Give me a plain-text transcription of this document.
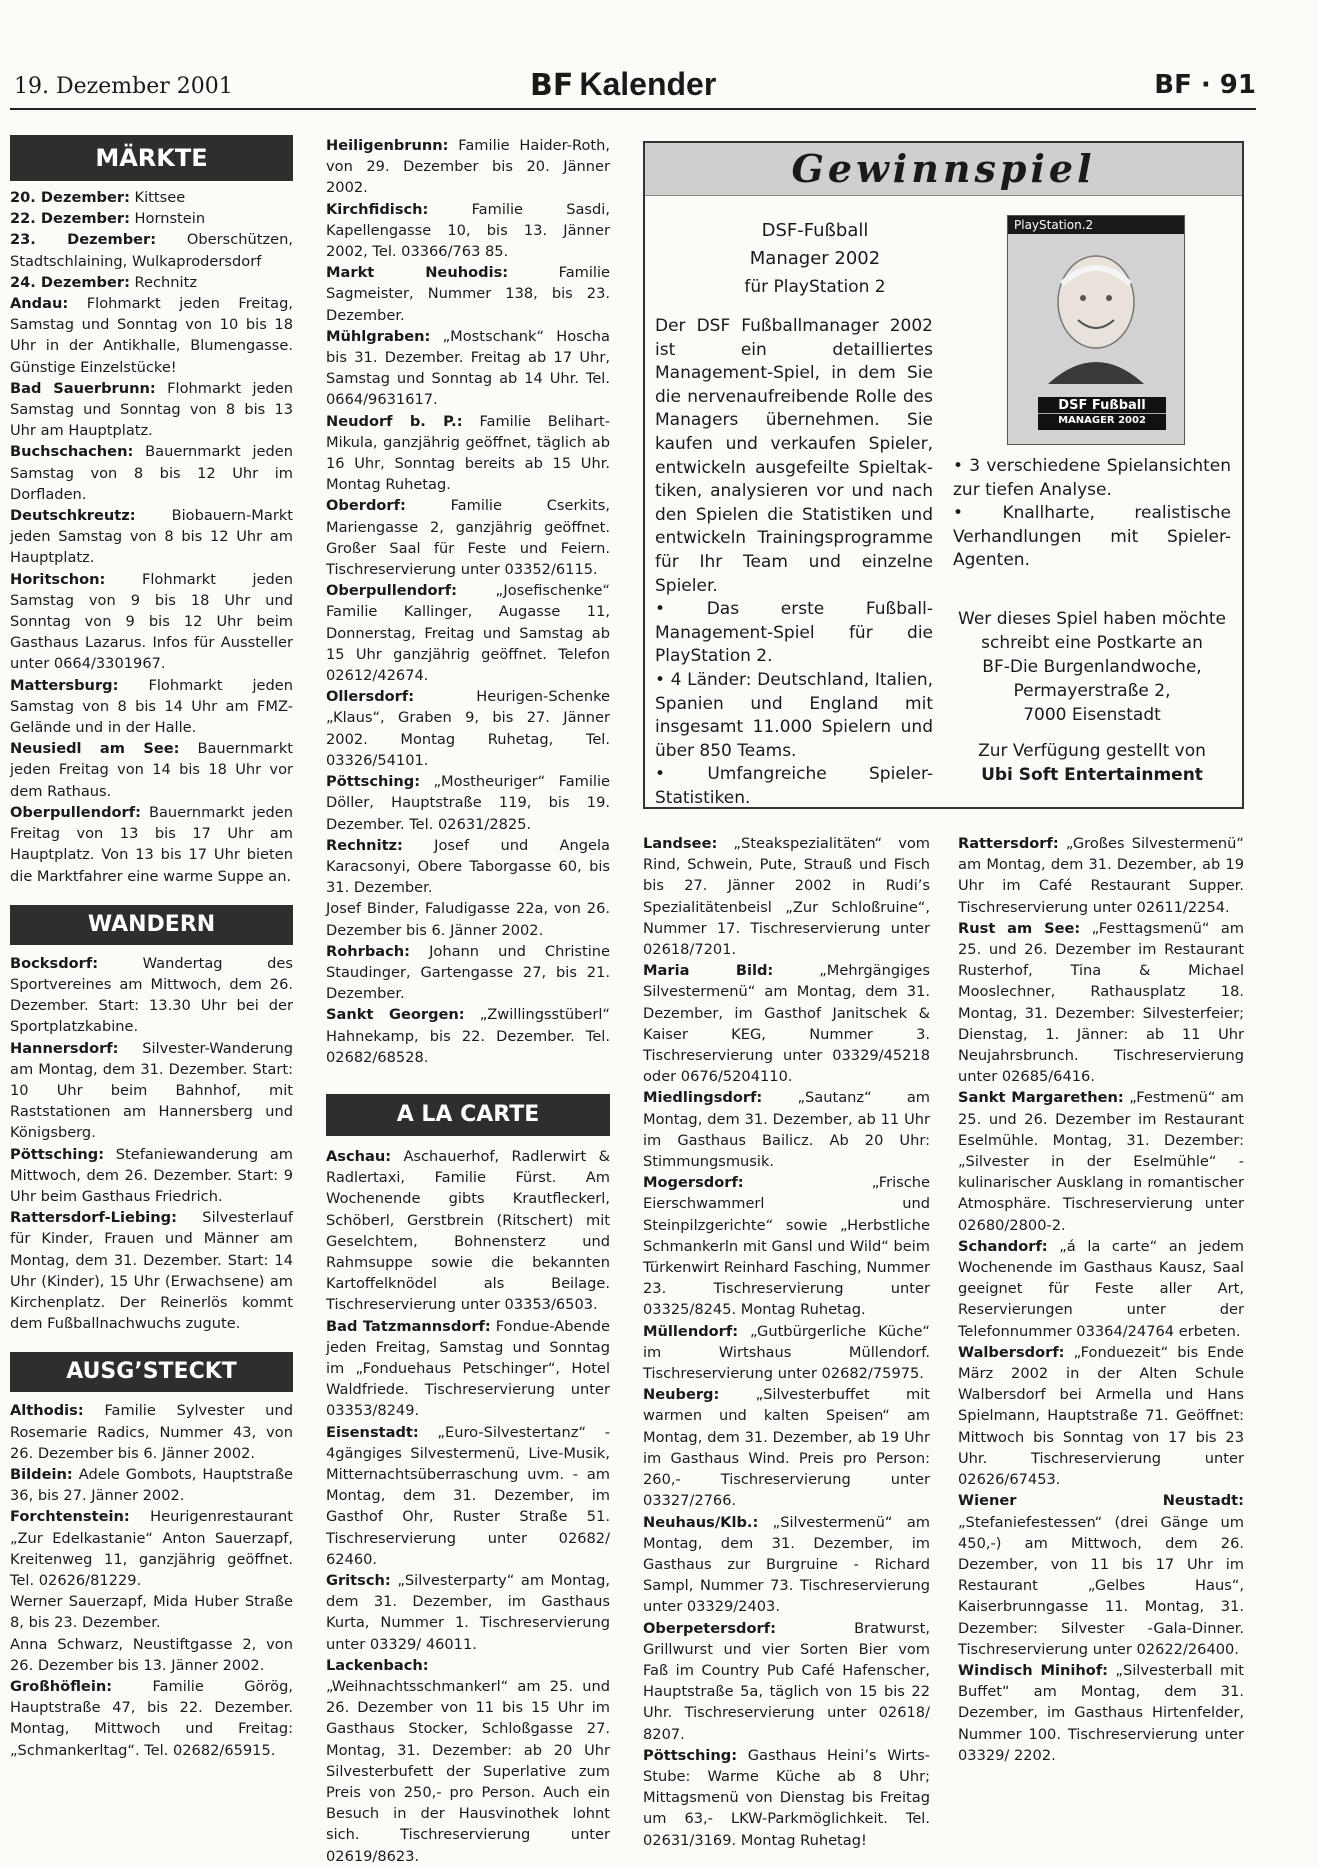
19. Dezember 2001	BF Kalender	BF · 91
MÄRKTE

20. Dezember: Kittsee

22. Dezember: Hornstein

23. Dezember: Oberschützen, Stadtschlaining, Wulkaprodersdorf

24. Dezember: Rechnitz

Andau: Flohmarkt jeden Freitag, Samstag und Sonntag von 10 bis 18 Uhr in der Antikhalle, Blumengasse. Günstige Einzelstücke!

Bad Sauerbrunn: Flohmarkt jeden Samstag und Sonntag von 8 bis 13 Uhr am Hauptplatz.

Buchschachen: Bauernmarkt jeden Samstag von 8 bis 12 Uhr im Dorfladen.

Deutschkreutz: Biobauern-Markt jeden Samstag von 8 bis 12 Uhr am Hauptplatz.

Horitschon: Flohmarkt jeden Samstag von 9 bis 18 Uhr und Sonntag von 9 bis 12 Uhr beim Gasthaus Lazarus. Infos für Aussteller unter 0664/3301967.

Mattersburg: Flohmarkt jeden Samstag von 8 bis 14 Uhr am FMZ-Gelände und in der Halle.

Neusiedl am See: Bauernmarkt jeden Freitag von 14 bis 18 Uhr vor dem Rathaus.

Oberpullendorf: Bauernmarkt jeden Freitag von 13 bis 17 Uhr am Hauptplatz. Von 13 bis 17 Uhr bieten die Marktfahrer eine warme Suppe an.

WANDERN

Bocksdorf: Wandertag des Sportvereines am Mittwoch, dem 26. Dezember. Start: 13.30 Uhr bei der Sportplatzkabine.

Hannersdorf: Silvester-Wanderung am Montag, dem 31. Dezember. Start: 10 Uhr beim Bahnhof, mit Raststationen am Hannersberg und Königsberg.

Pöttsching: Stefaniewanderung am Mittwoch, dem 26. Dezember. Start: 9 Uhr beim Gasthaus Friedrich.

Rattersdorf-Liebing: Silvesterlauf für Kinder, Frauen und Männer am Montag, dem 31. Dezember. Start: 14 Uhr (Kinder), 15 Uhr (Erwachsene) am Kirchenplatz. Der Reinerlös kommt dem Fußballnachwuchs zugute.

AUSG’STECKT

Althodis: Familie Sylvester und Rosemarie Radics, Nummer 43, von 26. Dezember bis 6. Jänner 2002.

Bildein: Adele Gombots, Hauptstraße 36, bis 27. Jänner 2002.

Forchtenstein: Heurigenrestaurant „Zur Edelkastanie“ Anton Sauerzapf, Kreitenweg 11, ganzjährig geöffnet. Tel. 02626/81229.

Werner Sauerzapf, Mida Huber Straße 8, bis 23. Dezember.

Anna Schwarz, Neustiftgasse 2, von 26. Dezember bis 13. Jänner 2002.

Großhöflein: Familie Görög, Hauptstraße 47, bis 22. Dezember. Montag, Mittwoch und Freitag: „Schmankerltag“. Tel. 02682/65915.

Heiligenbrunn: Familie Haider-Roth, von 29. Dezember bis 20. Jänner 2002.

Kirchfidisch: Familie Sasdi, Kapellengasse 10, bis 13. Jänner 2002, Tel. 03366/763 85.

Markt Neuhodis: Familie Sagmeister, Nummer 138, bis 23. Dezember.

Mühlgraben: „Mostschank“ Hoscha bis 31. Dezember. Freitag ab 17 Uhr, Samstag und Sonntag ab 14 Uhr. Tel. 0664/9631617.

Neudorf b. P.: Familie Belihart-Mikula, ganzjährig geöffnet, täglich ab 16 Uhr, Sonntag bereits ab 15 Uhr. Montag Ruhetag.

Oberdorf: Familie Cserkits, Mariengasse 2, ganzjährig geöffnet. Großer Saal für Feste und Feiern. Tischreservierung unter 03352/6115.

Oberpullendorf: „Josefischenke“ Familie Kallinger, Augasse 11, Donnerstag, Freitag und Samstag ab 15 Uhr ganzjährig geöffnet. Telefon 02612/42674.

Ollersdorf: Heurigen-Schenke „Klaus“, Graben 9, bis 27. Jänner 2002. Montag Ruhetag, Tel. 03326/54101.

Pöttsching: „Mostheuriger“ Familie Döller, Hauptstraße 119, bis 19. Dezember. Tel. 02631/2825.

Rechnitz: Josef und Angela Karacsonyi, Obere Taborgasse 60, bis 31. Dezember.

Josef Binder, Faludigasse 22a, von 26. Dezember bis 6. Jänner 2002.

Rohrbach: Johann und Christine Staudinger, Gartengasse 27, bis 21. Dezember.

Sankt Georgen: „Zwillingsstüberl“ Hahnekamp, bis 22. Dezember. Tel. 02682/68528.

A LA CARTE

Aschau: Aschauerhof, Radlerwirt & Radlertaxi, Familie Fürst. Am Wochenende gibts Krautfleckerl, Schöberl, Gerstbrein (Ritschert) mit Geselchtem, Bohnensterz und Rahmsuppe sowie die bekannten Kartoffelknödel als Beilage. Tischreservierung unter 03353/6503.

Bad Tatzmannsdorf: Fondue-Abende jeden Freitag, Samstag und Sonntag im „Fonduehaus Petschinger“, Hotel Waldfriede. Tischreservierung unter 03353/8249.

Eisenstadt: „Euro-Silvestertanz“ - 4gängiges Silvestermenü, Live-Musik, Mitternachtsüberraschung uvm. - am Montag, dem 31. Dezember, im Gasthof Ohr, Ruster Straße 51. Tischreservierung unter 02682/ 62460.

Gritsch: „Silvesterparty“ am Montag, dem 31. Dezember, im Gasthaus Kurta, Nummer 1. Tischreservierung unter 03329/ 46011.

Lackenbach: „Weihnachtsschmankerl“ am 25. und 26. Dezember von 11 bis 15 Uhr im Gasthaus Stocker, Schloßgasse 27. Montag, 31. Dezember: ab 20 Uhr Silvesterbufett der Superlative zum Preis von 250,- pro Person. Auch ein Besuch in der Hausvinothek lohnt sich. Tischreservierung unter 02619/8623.

Gewinnspiel
DSF-Fußball
Manager 2002
für PlayStation 2
PlayStation.2
DSF Fußball
MANAGER 2002

Der DSF Fußballmanager 2002 ist ein detailliertes Management-Spiel, in dem Sie die nervenaufreibende Rolle des Managers übernehmen. Sie kaufen und verkaufen Spieler, entwickeln ausgefeilte Spieltak-tiken, analysieren vor und nach den Spielen die Statistiken und entwickeln Trainingsprogramme für Ihr Team und einzelne Spieler.

• Das erste Fußball-Management-Spiel für die PlayStation 2.

• 4 Länder: Deutschland, Italien, Spanien und England mit insgesamt 11.000 Spielern und über 850 Teams.

• Umfangreiche Spieler-Statistiken.

• 3 verschiedene Spielansichten zur tiefen Analyse.

• Knallharte, realistische Verhandlungen mit Spieler-Agenten.

Wer dieses Spiel haben möchte

schreibt eine Postkarte an

BF-Die Burgenlandwoche,

Permayerstraße 2,

7000 Eisenstadt

Zur Verfügung gestellt von

Ubi Soft Entertainment

Landsee: „Steakspezialitäten“ vom Rind, Schwein, Pute, Strauß und Fisch bis 27. Jänner 2002 in Rudi’s Spezialitätenbeisl „Zur Schloßruine“, Nummer 17. Tischreservierung unter 02618/7201.

Maria Bild: „Mehrgängiges Silvestermenü“ am Montag, dem 31. Dezember, im Gasthof Janitschek & Kaiser KEG, Nummer 3. Tischreservierung unter 03329/45218 oder 0676/5204110.

Miedlingsdorf: „Sautanz“ am Montag, dem 31. Dezember, ab 11 Uhr im Gasthaus Bailicz. Ab 20 Uhr: Stimmungsmusik.

Mogersdorf: „Frische Eierschwammerl und Steinpilzgerichte“ sowie „Herbstliche Schmankerln mit Gansl und Wild“ beim Türkenwirt Reinhard Fasching, Nummer 23. Tischreservierung unter 03325/8245. Montag Ruhetag.

Müllendorf: „Gutbürgerliche Küche“ im Wirtshaus Müllendorf. Tischreservierung unter 02682/75975.

Neuberg: „Silvesterbuffet mit warmen und kalten Speisen“ am Montag, dem 31. Dezember, ab 19 Uhr im Gasthaus Wind. Preis pro Person: 260,- Tischreservierung unter 03327/2766.

Neuhaus/Klb.: „Silvestermenü“ am Montag, dem 31. Dezember, im Gasthaus zur Burgruine - Richard Sampl, Nummer 73. Tischreservierung unter 03329/2403.

Oberpetersdorf: Bratwurst, Grillwurst und vier Sorten Bier vom Faß im Country Pub Café Hafenscher, Hauptstraße 5a, täglich von 15 bis 22 Uhr. Tischreservierung unter 02618/ 8207.

Pöttsching: Gasthaus Heini’s Wirts-Stube: Warme Küche ab 8 Uhr; Mittagsmenü von Dienstag bis Freitag um 63,- LKW-Parkmöglichkeit. Tel. 02631/3169. Montag Ruhetag!

Rattersdorf: „Großes Silvestermenü“ am Montag, dem 31. Dezember, ab 19 Uhr im Café Restaurant Supper. Tischreservierung unter 02611/2254.

Rust am See: „Festtagsmenü“ am 25. und 26. Dezember im Restaurant Rusterhof, Tina & Michael Mooslechner, Rathausplatz 18. Montag, 31. Dezember: Silvesterfeier; Dienstag, 1. Jänner: ab 11 Uhr Neujahrsbrunch. Tischreservierung unter 02685/6416.

Sankt Margarethen: „Festmenü“ am 25. und 26. Dezember im Restaurant Eselmühle. Montag, 31. Dezember: „Silvester in der Eselmühle“ - kulinarischer Ausklang in romantischer Atmosphäre. Tischreservierung unter 02680/2800-2.

Schandorf: „á la carte“ an jedem Wochenende im Gasthaus Kausz, Saal geeignet für Feste aller Art, Reservierungen unter der Telefonnummer 03364/24764 erbeten.

Walbersdorf: „Fonduezeit“ bis Ende März 2002 in der Alten Schule Walbersdorf bei Armella und Hans Spielmann, Hauptstraße 71. Geöffnet: Mittwoch bis Sonntag von 17 bis 23 Uhr. Tischreservierung unter 02626/67453.

Wiener Neustadt: „Stefaniefestessen“ (drei Gänge um 450,-) am Mittwoch, dem 26. Dezember, von 11 bis 17 Uhr im Restaurant „Gelbes Haus“, Kaiserbrunngasse 11. Montag, 31. Dezember: Silvester -Gala-Dinner. Tischreservierung unter 02622/26400.

Windisch Minihof: „Silvesterball mit Buffet“ am Montag, dem 31. Dezember, im Gasthaus Hirtenfelder, Nummer 100. Tischreservierung unter 03329/ 2202.
